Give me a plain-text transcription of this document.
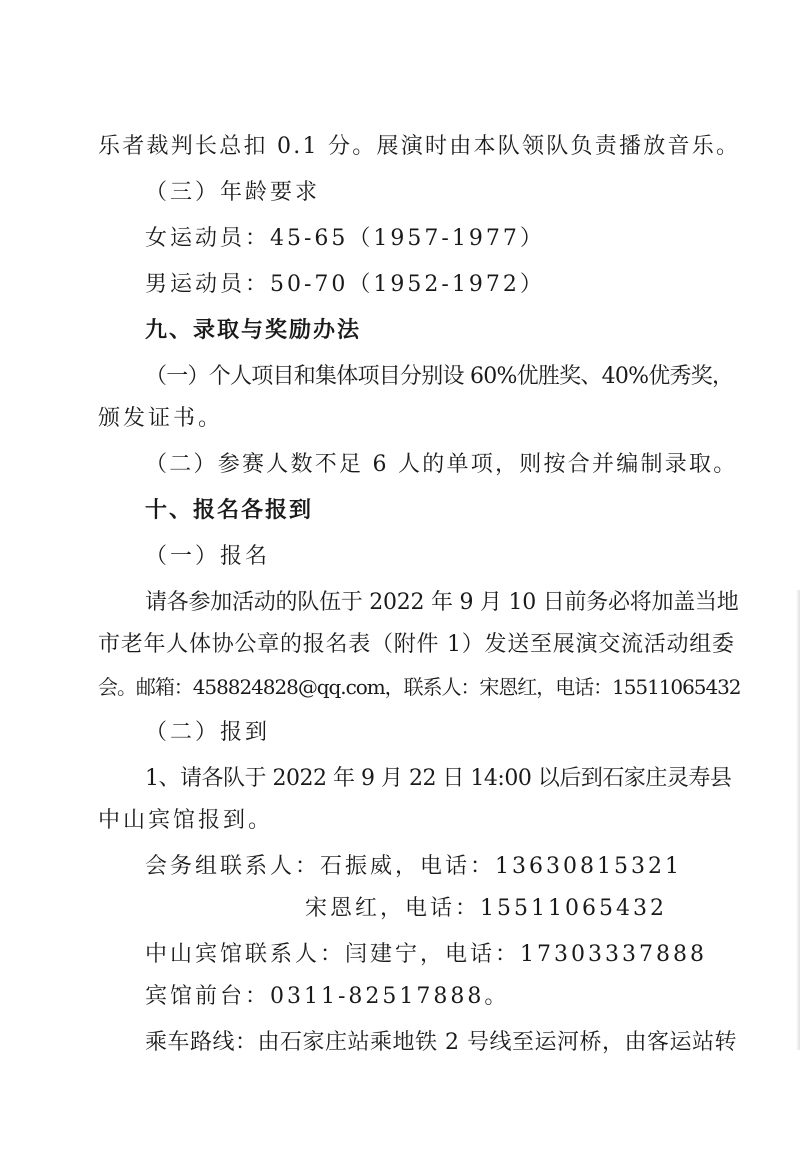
乐者裁判长总扣 0.1 分。展演时由本队领队负责播放音乐。
（三）年龄要求
女运动员：45-65（1957-1977）
男运动员：50-70（1952-1972）
九、录取与奖励办法
（一）个人项目和集体项目分别设 60%优胜奖、40%优秀奖，
颁发证书。
（二）参赛人数不足 6 人的单项，则按合并编制录取。
十、报名各报到
（一）报名
请各参加活动的队伍于 2022 年 9 月 10 日前务必将加盖当地
市老年人体协公章的报名表（附件 1）发送至展演交流活动组委
会。邮箱：458824828@qq.com，联系人：宋恩红，电话：15511065432
（二）报到
1、请各队于 2022 年 9 月 22 日 14:00 以后到石家庄灵寿县
中山宾馆报到。
会务组联系人：石振威，电话：13630815321
宋恩红，电话：15511065432
中山宾馆联系人：闫建宁，电话：17303337888
宾馆前台：0311-82517888。
乘车路线：由石家庄站乘地铁 2 号线至运河桥，由客运站转
